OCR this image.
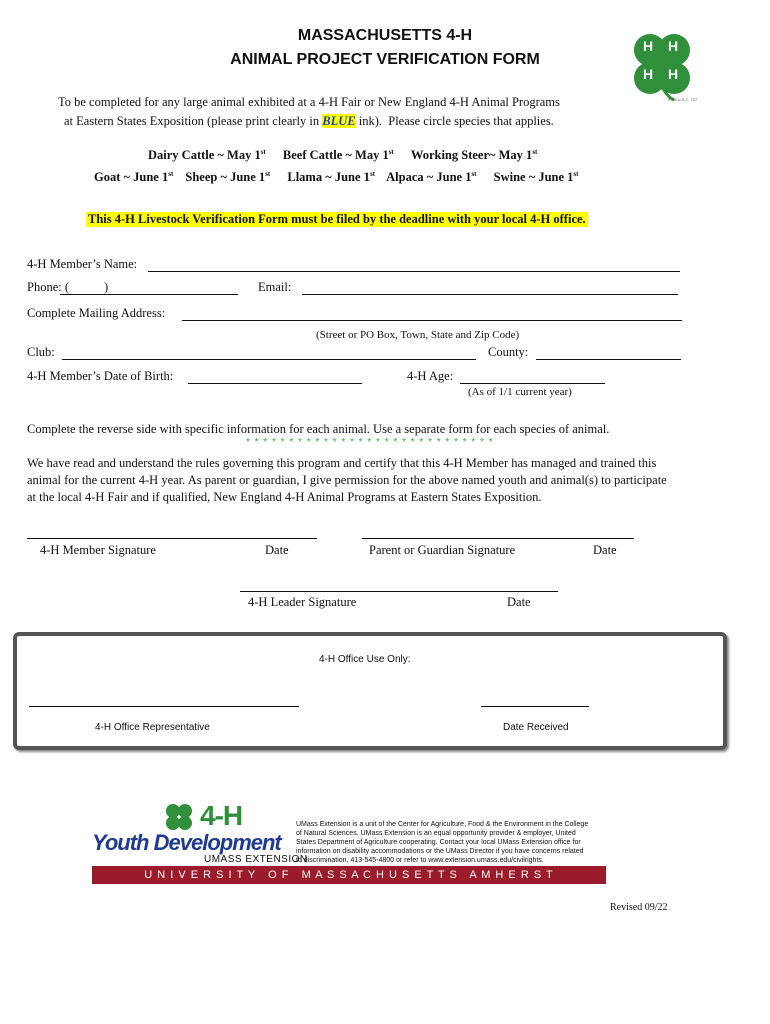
MASSACHUSETTS 4-H
ANIMAL PROJECT VERIFICATION FORM
H H
H H
® 18 U.S.C. 707
To be completed for any large animal exhibited at a 4-H Fair or New England 4-H Animal Programs
at Eastern States Exposition (please print clearly in BLUE ink).  Please circle species that applies.
Dairy Cattle ~ May 1st Beef Cattle ~ May 1st Working Steer~ May 1st
Goat ~ June 1st Sheep ~ June 1st Llama ~ June 1st Alpaca ~ June 1st Swine ~ June 1st
This 4-H Livestock Verification Form must be filed by the deadline with your local 4-H office.
4-H Member’s Name:
Phone: (	)	Email:
Complete Mailing Address:
(Street or PO Box, Town, State and Zip Code)
Club:	County:
4-H Member’s Date of Birth:	4-H Age:
(As of 1/1 current year)
Complete the reverse side with specific information for each animal. Use a separate form for each species of animal.
* * * * * * * * * * * * * * * * * * * * * * * * * * * * *
We have read and understand the rules governing this program and certify that this 4-H Member has managed and trained this
animal for the current 4-H year. As parent or guardian, I give permission for the above named youth and animal(s) to participate
at the local 4-H Fair and if qualified, New England 4-H Animal Programs at Eastern States Exposition.
4-H Member Signature	Date	Parent or Guardian Signature	Date
4-H Leader Signature	Date
4-H Office Use Only:
4-H Office Representative	Date Received
4-H
Youth Development
UMASS EXTENSION
UMass Extension is a unit of the Center for Agriculture, Food & the Environment in the College
of Natural Sciences. UMass Extension is an equal opportunity provider & employer, United
States Department of Agriculture cooperating. Contact your local UMass Extension office for
information on disability accommodations or the UMass Director if you have concerns related
to discrimination, 413-545-4800 or refer to www.extension.umass.edu/civilrights.
U N I V E R S I T Y   O F   M A S S A C H U S E T T S   A M H E R S T
Revised 09/22
